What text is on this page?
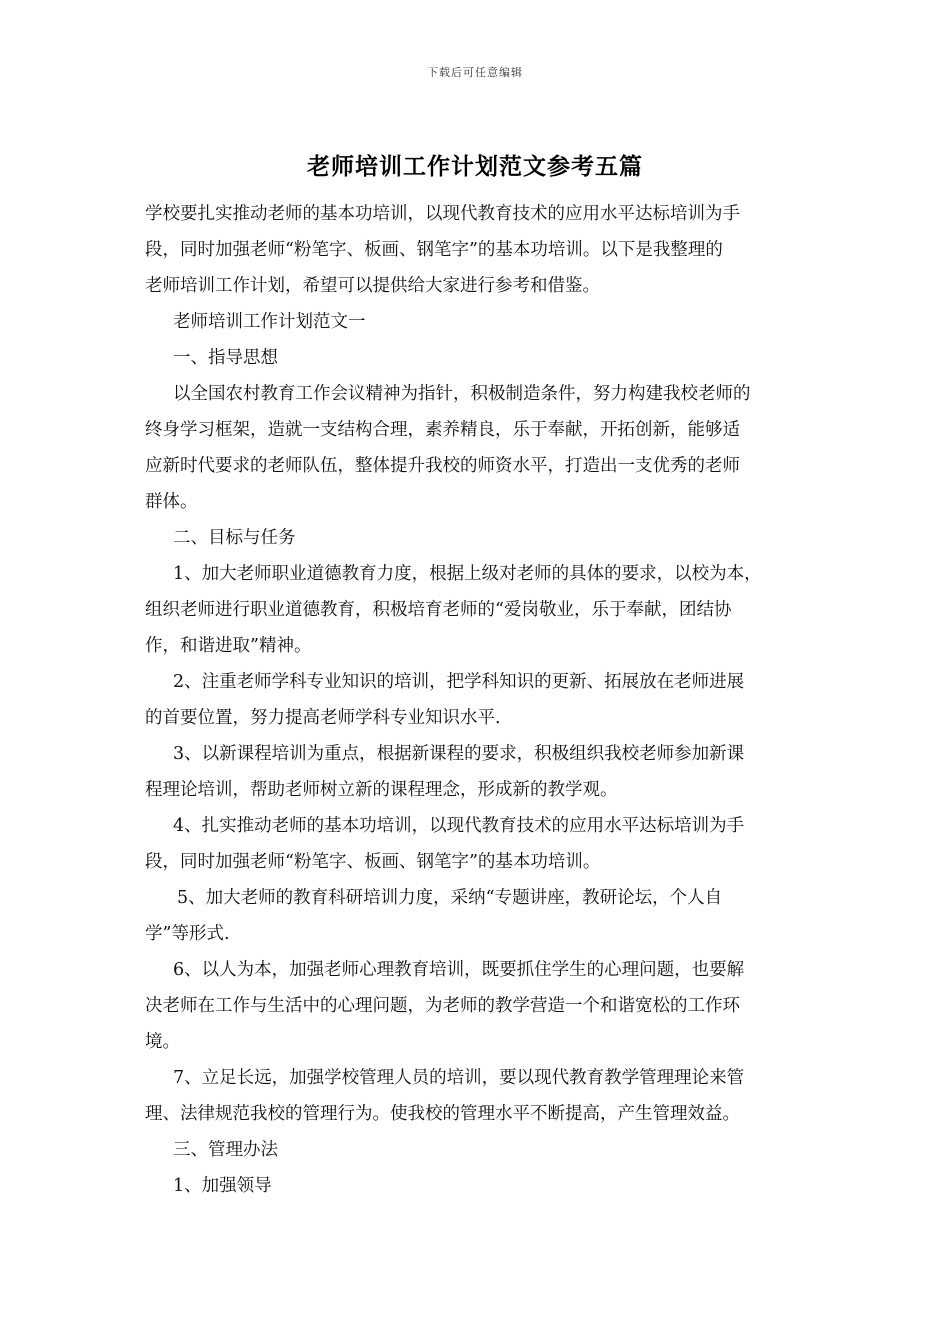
下载后可任意编辑
老师培训工作计划范文参考五篇
学校要扎实推动老师的基本功培训，以现代教育技术的应用水平达标培训为手
段，同时加强老师“粉笔字、板画、钢笔字”的基本功培训。以下是我整理的
老师培训工作计划，希望可以提供给大家进行参考和借鉴。
老师培训工作计划范文一
一、指导思想
以全国农村教育工作会议精神为指针，积极制造条件，努力构建我校老师的
终身学习框架，造就一支结构合理，素养精良，乐于奉献，开拓创新，能够适
应新时代要求的老师队伍，整体提升我校的师资水平，打造出一支优秀的老师
群体。
二、目标与任务
1、加大老师职业道德教育力度，根据上级对老师的具体的要求，以校为本，
组织老师进行职业道德教育，积极培育老师的“爱岗敬业，乐于奉献，团结协
作，和谐进取”精神。
2、注重老师学科专业知识的培训，把学科知识的更新、拓展放在老师进展
的首要位置，努力提高老师学科专业知识水平.
3、以新课程培训为重点，根据新课程的要求，积极组织我校老师参加新课
程理论培训，帮助老师树立新的课程理念，形成新的教学观。
4、扎实推动老师的基本功培训，以现代教育技术的应用水平达标培训为手
段，同时加强老师“粉笔字、板画、钢笔字”的基本功培训。
5、加大老师的教育科研培训力度，采纳“专题讲座，教研论坛，个人自
学”等形式.
6、以人为本，加强老师心理教育培训，既要抓住学生的心理问题，也要解
决老师在工作与生活中的心理问题，为老师的教学营造一个和谐宽松的工作环
境。
7、立足长远，加强学校管理人员的培训，要以现代教育教学管理理论来管
理、法律规范我校的管理行为。使我校的管理水平不断提高，产生管理效益。
三、管理办法
1、加强领导
